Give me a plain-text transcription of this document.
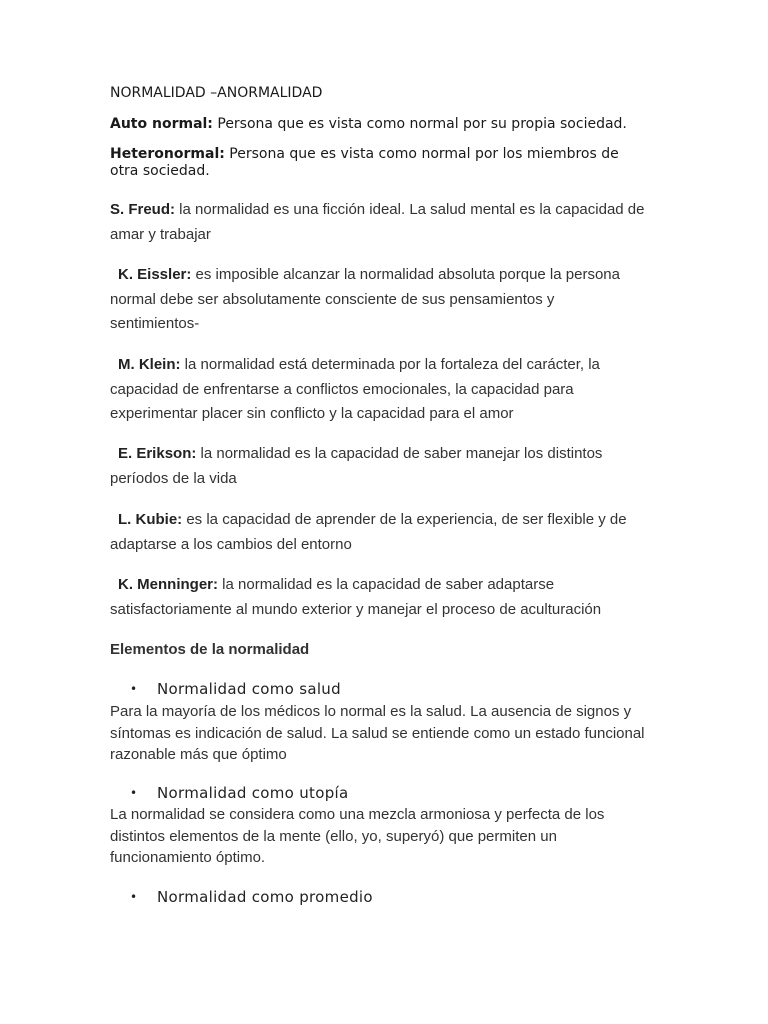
NORMALIDAD –ANORMALIDAD
Auto normal: Persona que es vista como normal por su propia sociedad.
Heteronormal: Persona que es vista como normal por los miembros de otra sociedad.
S. Freud: la normalidad es una ficción ideal. La salud mental es la capacidad de amar y trabajar
K. Eissler: es imposible alcanzar la normalidad absoluta porque la persona normal debe ser absolutamente consciente de sus pensamientos y sentimientos-
M. Klein: la normalidad está determinada por la fortaleza del carácter, la capacidad de enfrentarse a conflictos emocionales, la capacidad para experimentar placer sin conflicto y la capacidad para el amor
E. Erikson: la normalidad es la capacidad de saber manejar los distintos períodos de la vida
L. Kubie: es la capacidad de aprender de la experiencia, de ser flexible y de adaptarse a los cambios del entorno
K. Menninger: la normalidad es la capacidad de saber adaptarse satisfactoriamente al mundo exterior y manejar el proceso de aculturación
Elementos de la normalidad
• Normalidad como salud
Para la mayoría de los médicos lo normal es la salud. La ausencia de signos y síntomas es indicación de salud. La salud se entiende como un estado funcional razonable más que óptimo
• Normalidad como utopía
La normalidad se considera como una mezcla armoniosa y perfecta de los distintos elementos de la mente (ello, yo, superyó) que permiten un funcionamiento óptimo.
• Normalidad como promedio
